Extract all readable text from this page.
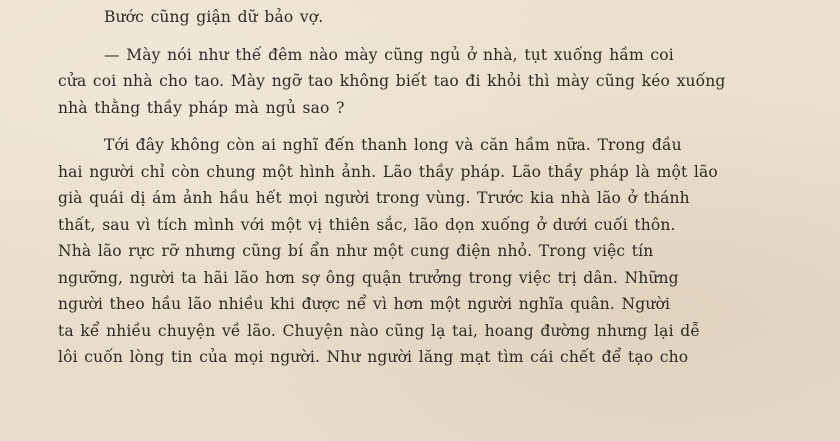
Bước cũng giận dữ bảo vợ.
— Mày nói như thế đêm nào mày cũng ngủ ở nhà, tụt xuống hầm coi
cửa coi nhà cho tao. Mày ngỡ tao không biết tao đi khỏi thì mày cũng kéo xuống
nhà thằng thầy pháp mà ngủ sao ?
Tới đây không còn ai nghĩ đến thanh long và căn hầm nữa. Trong đầu
hai người chỉ còn chung một hình ảnh. Lão thầy pháp. Lão thầy pháp là một lão
già quái dị ám ảnh hầu hết mọi người trong vùng. Trước kia nhà lão ở thánh
thất, sau vì tích mình với một vị thiên sắc, lão dọn xuống ở dưới cuối thôn.
Nhà lão rực rỡ nhưng cũng bí ẩn như một cung điện nhỏ. Trong việc tín
ngưỡng, người ta hãi lão hơn sợ ông quận trưởng trong việc trị dân. Những
người theo hầu lão nhiều khi được nể vì hơn một người nghĩa quân. Người
ta kể nhiều chuyện về lão. Chuyện nào cũng lạ tai, hoang đường nhưng lại dễ
lôi cuốn lòng tin của mọi người. Như người lăng mạt tìm cái chết để tạo cho
